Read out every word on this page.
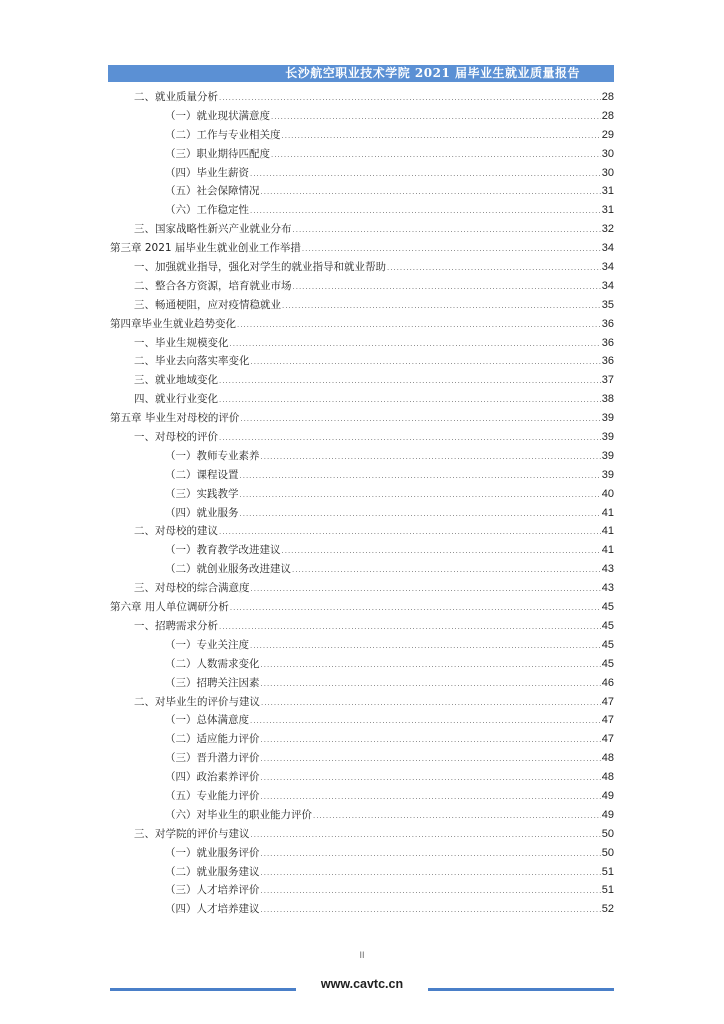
长沙航空职业技术学院 2021 届毕业生就业质量报告
二、就业质量分析 .....	28
（一）就业现状满意度 .....	28
（二）工作与专业相关度 .....	29
（三）职业期待匹配度 .....	30
（四）毕业生薪资 .....	30
（五）社会保障情况 .....	31
（六）工作稳定性 .....	31
三、国家战略性新兴产业就业分布 .....	32
第三章 2021 届毕业生就业创业工作举措 .....	34
一、加强就业指导，强化对学生的就业指导和就业帮助 .....	34
二、整合各方资源，培育就业市场 .....	34
三、畅通梗阻，应对疫情稳就业 .....	35
第四章毕业生就业趋势变化 .....	36
一、毕业生规模变化 .....	36
二、毕业去向落实率变化 .....	36
三、就业地域变化 .....	37
四、就业行业变化 .....	38
第五章 毕业生对母校的评价 .....	39
一、对母校的评价 .....	39
（一）教师专业素养 .....	39
（二）课程设置 .....	39
（三）实践教学 .....	40
（四）就业服务 .....	41
二、对母校的建议 .....	41
（一）教育教学改进建议 .....	41
（二）就创业服务改进建议 .....	43
三、对母校的综合满意度 .....	43
第六章 用人单位调研分析 .....	45
一、招聘需求分析 .....	45
（一）专业关注度 .....	45
（二）人数需求变化 .....	45
（三）招聘关注因素 .....	46
二、对毕业生的评价与建议 .....	47
（一）总体满意度 .....	47
（二）适应能力评价 .....	47
（三）晋升潜力评价 .....	48
（四）政治素养评价 .....	48
（五）专业能力评价 .....	49
（六）对毕业生的职业能力评价 .....	49
三、对学院的评价与建议 .....	50
（一）就业服务评价 .....	50
（二）就业服务建议 .....	51
（三）人才培养评价 .....	51
（四）人才培养建议 .....	52
II
www.cavtc.cn
